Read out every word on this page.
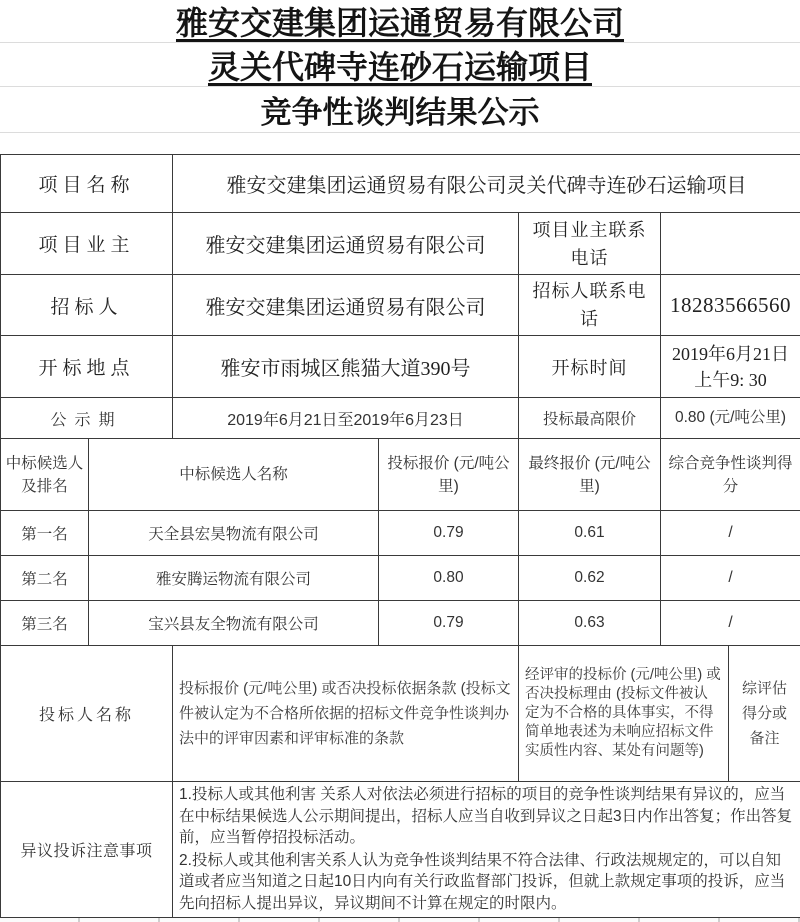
雅安交建集团运通贸易有限公司
灵关代碑寺连砂石运输项目
竞争性谈判结果公示
项目名称		雅安交建集团运通贸易有限公司灵关代碑寺连砂石运输项目				
项目业主		雅安交建集团运通贸易有限公司		项目业主联系电话		
招标人		雅安交建集团运通贸易有限公司		招标人联系电话	18283566560	
开标地点		雅安市雨城区熊猫大道390号		开标时间	2019年6月21日上午9: 30	
公示期		2019年6月21日至2019年6月23日		投标最高限价	0.80 (元/吨公里)	
中标候选人及排名	中标候选人名称		投标报价 (元/吨公里)	最终报价 (元/吨公里)	综合竞争性谈判得分	
第一名	天全县宏昊物流有限公司		0.79	0.61	/	
第二名	雅安腾运物流有限公司		0.80	0.62	/	
第三名	宝兴县友全物流有限公司		0.79	0.63	/	
投标人名称		投标报价 (元/吨公里) 或否决投标依据条款 (投标文件被认定为不合格所依据的招标文件竞争性谈判办法中的评审因素和评审标准的条款		经评审的投标价 (元/吨公里) 或否决投标理由 (投标文件被认定为不合格的具体事实，不得简单地表述为未响应招标文件实质性内容、某处有问题等)		综评估得分或备注
异议投诉注意事项		1.投标人或其他利害 关系人对依法必须进行招标的项目的竞争性谈判结果有异议的，应当在中标结果候选人公示期间提出，招标人应当自收到异议之日起3日内作出答复；作出答复前，应当暂停招投标活动。
2.投标人或其他利害关系人认为竞争性谈判结果不符合法律、行政法规规定的，可以自知道或者应当知道之日起10日内向有关行政监督部门投诉，但就上款规定事项的投诉，应当先向招标人提出异议，异议期间不计算在规定的时限内。				
